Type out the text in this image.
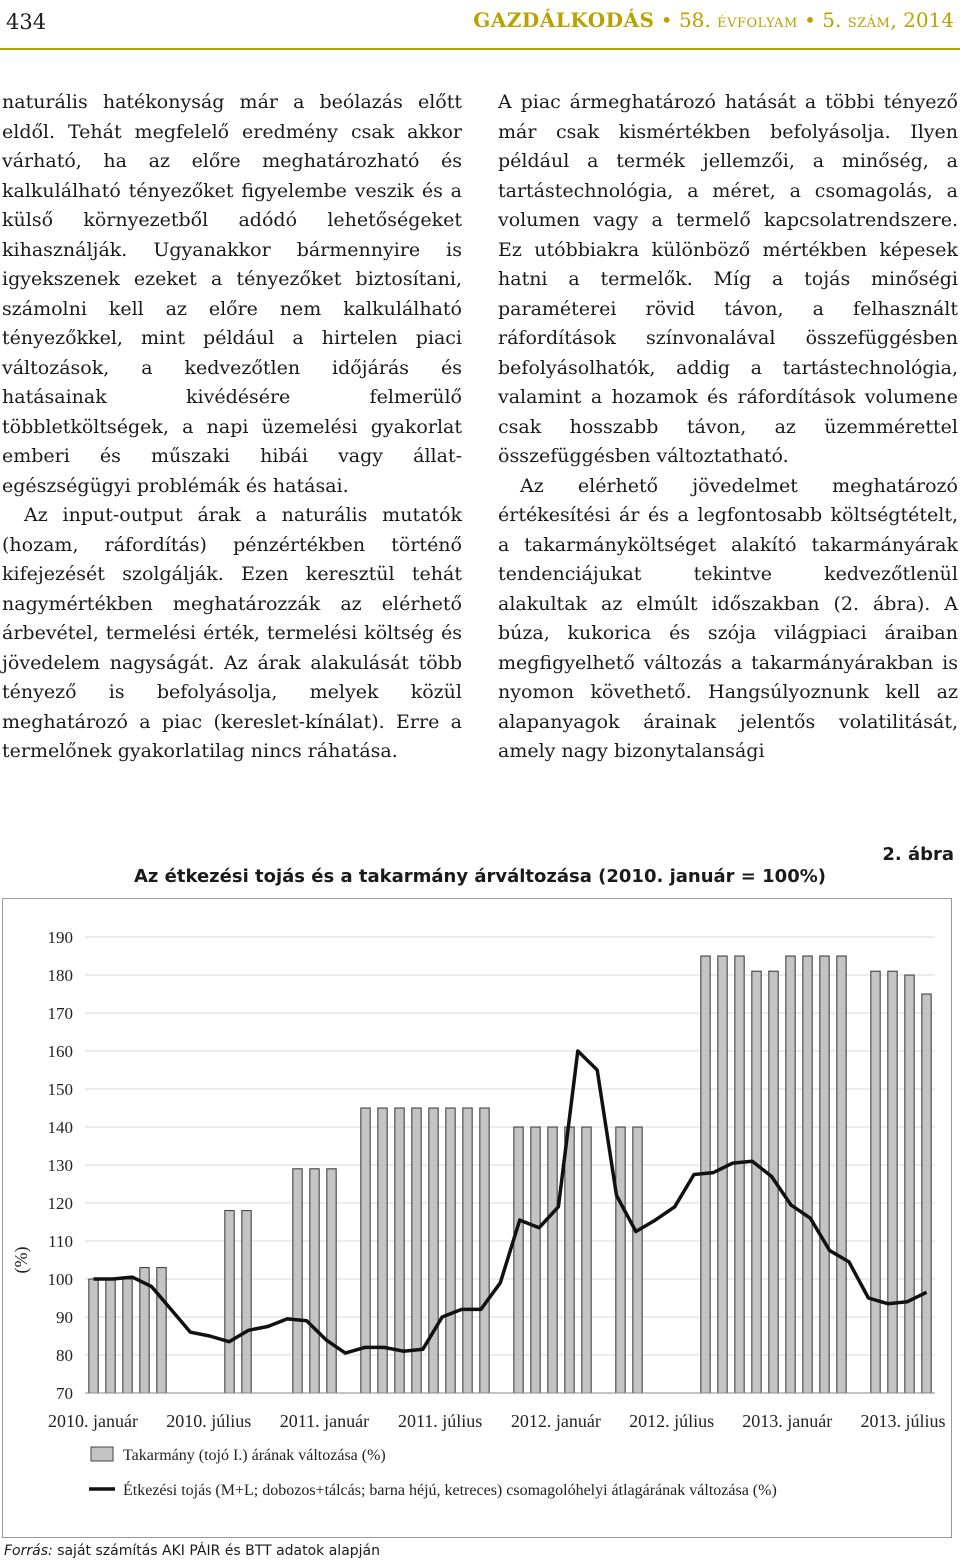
434	GAZDÁLKODÁS • 58. ÉVFOLYAM • 5. SZÁM, 2014

naturális hatékonyság már a beólazás előtt eldől. Tehát megfelelő eredmény csak akkor várható, ha az előre meghatározható és kalkulálható tényezőket figyelembe veszik és a külső környezetből adódó lehetőségeket kihasználják. Ugyanakkor bármennyire is igyekszenek ezeket a tényezőket biztosítani, számolni kell az előre nem kalkulálható tényezőkkel, mint például a hirtelen piaci változások, a kedvezőtlen időjárás és hatásainak kivédésére felmerülő többletköltségek, a napi üzemelési gyakorlat emberi és műszaki hibái vagy állat-egészségügyi problémák és hatásai.

Az input-output árak a naturális mutatók (hozam, ráfordítás) pénzértékben történő kifejezését szolgálják. Ezen keresztül tehát nagymértékben meghatározzák az elérhető árbevétel, termelési érték, termelési költség és jövedelem nagyságát. Az árak alakulását több tényező is befolyásolja, melyek közül meghatározó a piac (kereslet-kínálat). Erre a termelőnek gyakorlatilag nincs ráhatása.

A piac ármeghatározó hatását a többi tényező már csak kismértékben befolyásolja. Ilyen például a termék jellemzői, a minőség, a tartástechnológia, a méret, a csomagolás, a volumen vagy a termelő kapcsolatrendszere. Ez utóbbiakra különböző mértékben képesek hatni a termelők. Míg a tojás minőségi paraméterei rövid távon, a felhasznált ráfordítások színvonalával összefüggésben befolyásolhatók, addig a tartástechnológia, valamint a hozamok és ráfordítások volumene csak hosszabb távon, az üzemmérettel összefüggésben változtatható.

Az elérhető jövedelmet meghatározó értékesítési ár és a legfontosabb költségtételt, a takarmányköltséget alakító takarmányárak tendenciájukat tekintve kedvezőtlenül alakultak az elmúlt időszakban (2. ábra). A búza, kukorica és szója világpiaci áraiban megfigyelhető változás a takarmányárakban is nyomon követhető. Hangsúlyoznunk kell az alapanyagok árainak jelentős volatilitását, amely nagy bizonytalansági

2. ábra
Az étkezési tojás és a takarmány árváltozása (2010. január = 100%)
70
80
90
100
110
120
130
140
150
160
170
180
190
(%)
2010. január 2010. július 2011. január 2011. július 2012. január 2012. július 2013. január 2013. július
Takarmány (tojó I.) árának változása (%)
Étkezési tojás (M+L; dobozos+tálcás; barna héjú, ketreces) csomagolóhelyi átlagárának változása (%)
Forrás: saját számítás AKI PÁIR és BTT adatok alapján
